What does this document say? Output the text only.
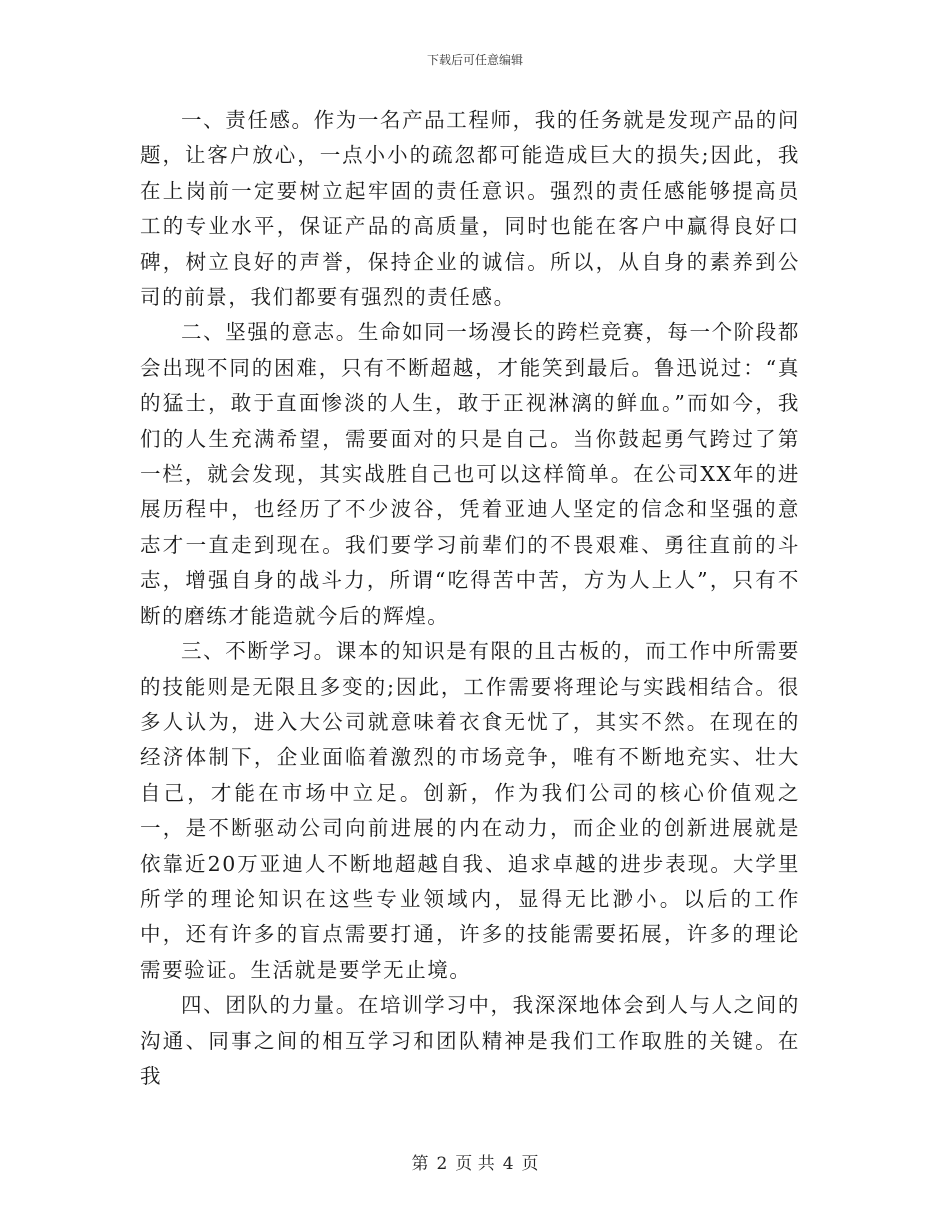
下载后可任意编辑

一、责任感。作为一名产品工程师，我的任务就是发现产品的问题，让客户放心，一点小小的疏忽都可能造成巨大的损失;因此，我在上岗前一定要树立起牢固的责任意识。强烈的责任感能够提高员工的专业水平，保证产品的高质量，同时也能在客户中赢得良好口碑，树立良好的声誉，保持企业的诚信。所以，从自身的素养到公司的前景，我们都要有强烈的责任感。

二、坚强的意志。生命如同一场漫长的跨栏竞赛，每一个阶段都会出现不同的困难，只有不断超越，才能笑到最后。鲁迅说过：“真的猛士，敢于直面惨淡的人生，敢于正视淋漓的鲜血。”而如今，我们的人生充满希望，需要面对的只是自己。当你鼓起勇气跨过了第一栏，就会发现，其实战胜自己也可以这样简单。在公司XX年的进展历程中，也经历了不少波谷，凭着亚迪人坚定的信念和坚强的意志才一直走到现在。我们要学习前辈们的不畏艰难、勇往直前的斗志，增强自身的战斗力，所谓“吃得苦中苦，方为人上人”，只有不断的磨练才能造就今后的辉煌。

三、不断学习。课本的知识是有限的且古板的，而工作中所需要的技能则是无限且多变的;因此，工作需要将理论与实践相结合。很多人认为，进入大公司就意味着衣食无忧了，其实不然。在现在的经济体制下，企业面临着激烈的市场竞争，唯有不断地充实、壮大自己，才能在市场中立足。创新，作为我们公司的核心价值观之一，是不断驱动公司向前进展的内在动力，而企业的创新进展就是依靠近20万亚迪人不断地超越自我、追求卓越的进步表现。大学里所学的理论知识在这些专业领域内，显得无比渺小。以后的工作中，还有许多的盲点需要打通，许多的技能需要拓展，许多的理论需要验证。生活就是要学无止境。

四、团队的力量。在培训学习中，我深深地体会到人与人之间的沟通、同事之间的相互学习和团队精神是我们工作取胜的关键。在我

第 2 页 共 4 页
